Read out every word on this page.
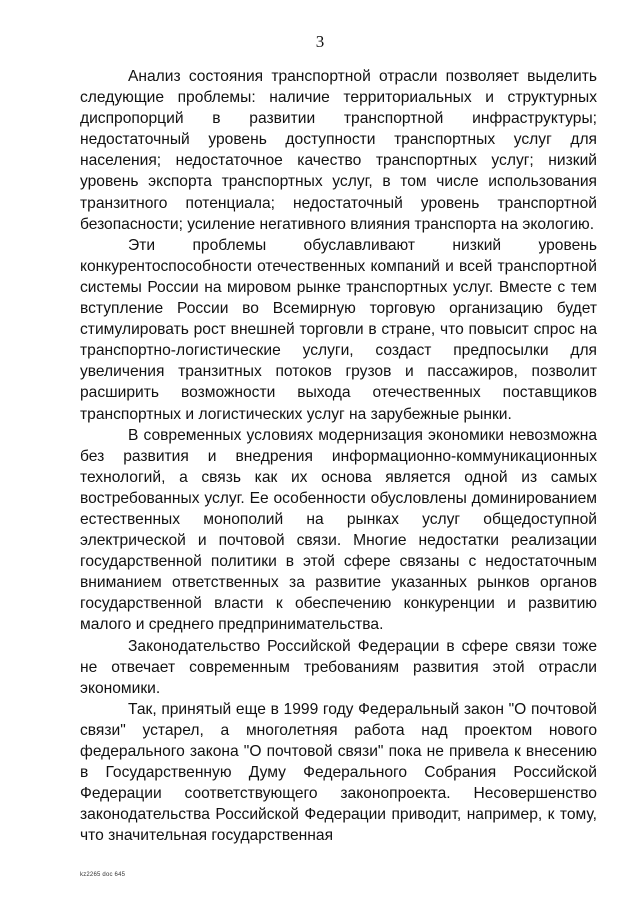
3

Анализ состояния транспортной отрасли позволяет выделить следующие проблемы: наличие территориальных и структурных диспропорций в развитии транспортной инфраструктуры; недостаточный уровень доступности транспортных услуг для населения; недостаточное качество транспортных услуг; низкий уровень экспорта транспортных услуг, в том числе использования транзитного потенциала; недостаточный уровень транспортной безопасности; усиление негативного влияния транспорта на экологию.

Эти проблемы обуславливают низкий уровень конкурентоспособности отечественных компаний и всей транспортной системы России на мировом рынке транспортных услуг. Вместе с тем вступление России во Всемирную торговую организацию будет стимулировать рост внешней торговли в стране, что повысит спрос на транспортно-логистические услуги, создаст предпосылки для увеличения транзитных потоков грузов и пассажиров, позволит расширить возможности выхода отечественных поставщиков транспортных и логистических услуг на зарубежные рынки.

В современных условиях модернизация экономики невозможна без развития и внедрения информационно-коммуникационных технологий, а связь как их основа является одной из самых востребованных услуг. Ее особенности обусловлены доминированием естественных монополий на рынках услуг общедоступной электрической и почтовой связи. Многие недостатки реализации государственной политики в этой сфере связаны с недостаточным вниманием ответственных за развитие указанных рынков органов государственной власти к обеспечению конкуренции и развитию малого и среднего предпринимательства.

Законодательство Российской Федерации в сфере связи тоже не отвечает современным требованиям развития этой отрасли экономики.

Так, принятый еще в 1999 году Федеральный закон "О почтовой связи" устарел, а многолетняя работа над проектом нового федерального закона "О почтовой связи" пока не привела к внесению в Государственную Думу Федерального Собрания Российской Федерации соответствующего законопроекта. Несовершенство законодательства Российской Федерации приводит, например, к тому, что значительная государственная

kz2265 doc 645
